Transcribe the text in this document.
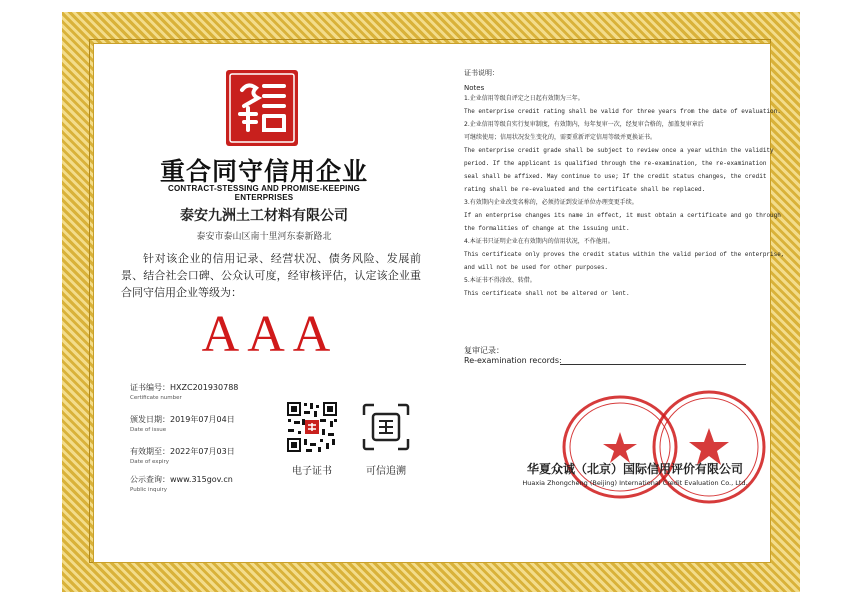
重合同守信用企业
CONTRACT-STESSING AND PROMISE-KEEPING ENTERPRISES
泰安九洲土工材料有限公司
泰安市泰山区南十里河东泰新路北
针对该企业的信用记录、经营状况、债务风险、发展前景、结合社会口碑、公众认可度，经审核评估，认定该企业重合同守信用企业等级为：
AAA
证书编号：HXZC201930788
Certificate number
颁发日期：2019年07月04日
Date of issue
有效期至：2022年07月03日
Date of expiry
公示查询：www.315gov.cn
Public inquiry
电子证书	可信追溯
证书说明：
Notes
1.企业信用等级自评定之日起有效期为三年。
The enterprise credit rating shall be valid for three years from the date of evaluation.
2.企业信用等级自实行复审制度，有效期内，每年复审一次，经复审合格的，加盖复审章后
可继续使用；信用状况发生变化的，需要重新评定信用等级并更换证书。
The enterprise credit grade shall be subject to review once a year within the validity
period. If the applicant is qualified through the re-examination, the re-examination
seal shall be affixed. May continue to use; If the credit status changes, the credit
rating shall be re-evaluated and the certificate shall be replaced.
3.有效期内企业改变名称的，必须持证到发证单位办理变更手续。
If an enterprise changes its name in effect, it must obtain a certificate and go through
the formalities of change at the issuing unit.
4.本证书只证明企业在有效期内的信用状况，不作他用。
This certificate only proves the credit status within the valid period of the enterprise,
and will not be used for other purposes.
5.本证书不得涂改、转借。
This certificate shall not be altered or lent.
复审记录：
Re-examination records:
华夏众诚（北京）国际信用评价有限公司
Huaxia Zhongcheng (Beijing) International Credit Evaluation Co., Ltd.
